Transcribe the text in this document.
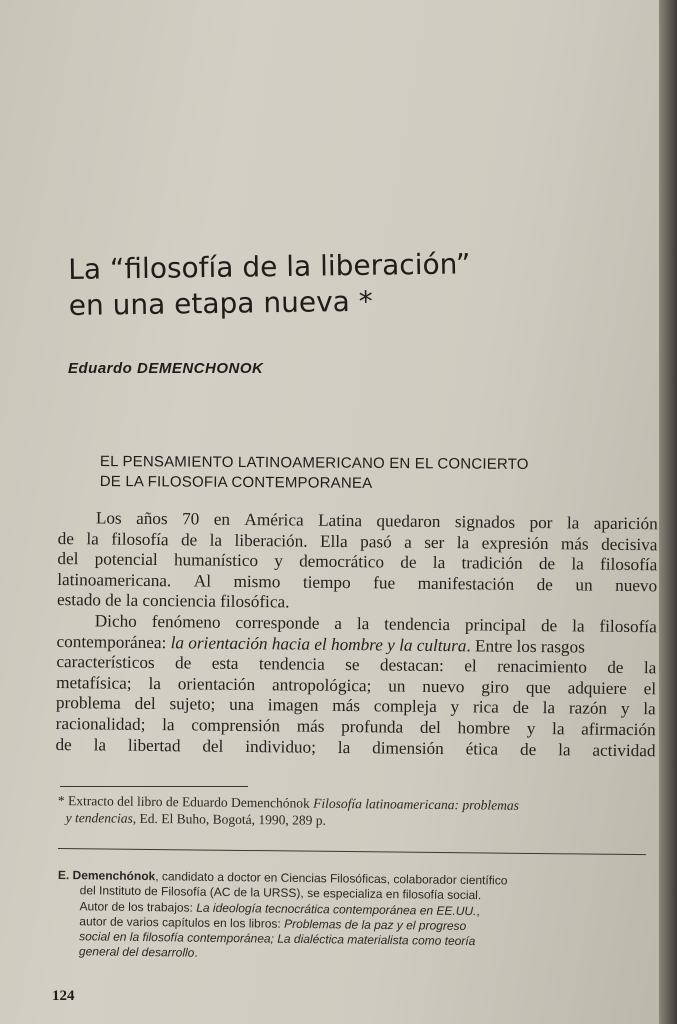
La “filosofía de la liberación”
en una etapa nueva *
Eduardo DEMENCHONOK
EL PENSAMIENTO LATINOAMERICANO EN EL CONCIERTO
DE LA FILOSOFIA CONTEMPORANEA
Los años 70 en América Latina quedaron signados por la aparición
de la filosofía de la liberación. Ella pasó a ser la expresión más decisiva
del potencial humanístico y democrático de la tradición de la filosofía
latinoamericana. Al mismo tiempo fue manifestación de un nuevo
estado de la conciencia filosófica.
Dicho fenómeno corresponde a la tendencia principal de la filosofía
contemporánea:
la orientación hacia el hombre y la cultura . Entre los rasgos
característicos de esta tendencia se destacan: el renacimiento de la
metafísica; la orientación antropológica; un nuevo giro que adquiere el
problema del sujeto; una imagen más compleja y rica de la razón y la
racionalidad; la comprensión más profunda del hombre y la afirmación
de la libertad del individuo; la dimensión ética de la actividad
* Extracto del libro de Eduardo Demenchónok Filosofía latinoamericana: problemas
y tendencias, Ed. El Buho, Bogotá, 1990, 289 p.
E. Demenchónok, candidato a doctor en Ciencias Filosóficas, colaborador científico
del Instituto de Filosofía (AC de la URSS), se especializa en filosofía social.
Autor de los trabajos: La ideología tecnocrática contemporánea en EE.UU.,
autor de varios capítulos en los libros: Problemas de la paz y el progreso
social en la filosofía contemporánea; La dialéctica materialista como teoría
general del desarrollo.
124
